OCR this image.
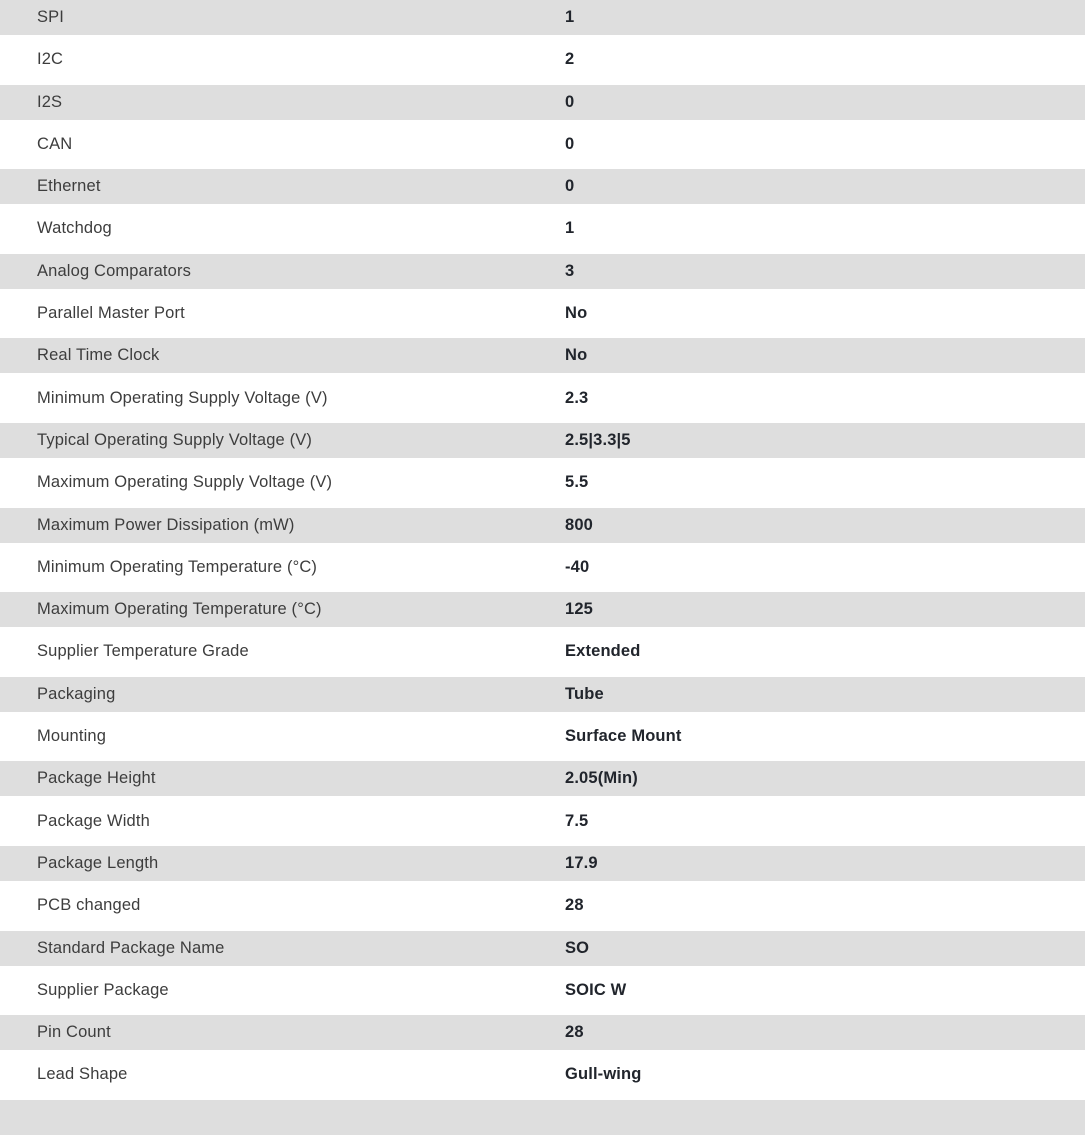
SPI	1
I2C	2
I2S	0
CAN	0
Ethernet	0
Watchdog	1
Analog Comparators	3
Parallel Master Port	No
Real Time Clock	No
Minimum Operating Supply Voltage (V)	2.3
Typical Operating Supply Voltage (V)	2.5|3.3|5
Maximum Operating Supply Voltage (V)	5.5
Maximum Power Dissipation (mW)	800
Minimum Operating Temperature (°C)	-40
Maximum Operating Temperature (°C)	125
Supplier Temperature Grade	Extended
Packaging	Tube
Mounting	Surface Mount
Package Height	2.05(Min)
Package Width	7.5
Package Length	17.9
PCB changed	28
Standard Package Name	SO
Supplier Package	SOIC W
Pin Count	28
Lead Shape	Gull-wing
